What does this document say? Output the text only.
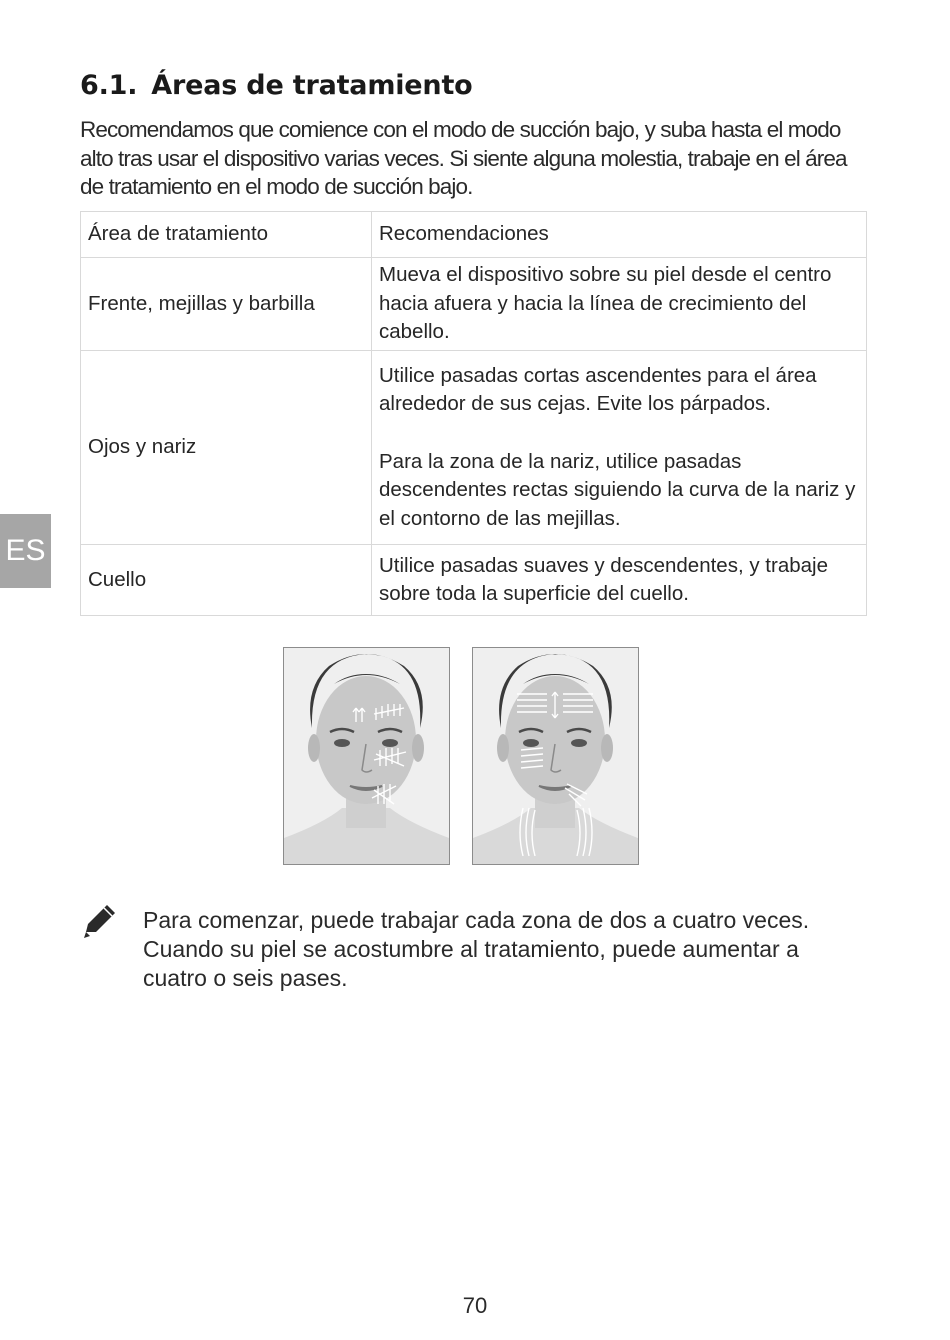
6.1. Áreas de tratamiento

Recomendamos que comience con el modo de succión bajo, y suba hasta el modo alto tras usar el dispositivo varias veces. Si siente alguna molestia, trabaje en el área de tratamiento en el modo de succión bajo.

Área de tratamiento	Recomendaciones
Frente, mejillas y barbilla	Mueva el dispositivo sobre su piel desde el centro hacia afuera y hacia la línea de crecimiento del cabello.

Ojos y nariz	Utilice pasadas cortas ascendentes para el área alrededor de sus cejas. Evite los párpados.

Para la zona de la nariz, utilice pasadas descendentes rectas siguiendo la curva de la nariz y el contorno de las mejillas.

Cuello	Utilice pasadas suaves y descendentes, y trabaje sobre toda la superficie del cuello.

ES

Para comenzar, puede trabajar cada zona de dos a cuatro veces. Cuando su piel se acostumbre al tratamiento, puede aumentar a cuatro o seis pases.

70
